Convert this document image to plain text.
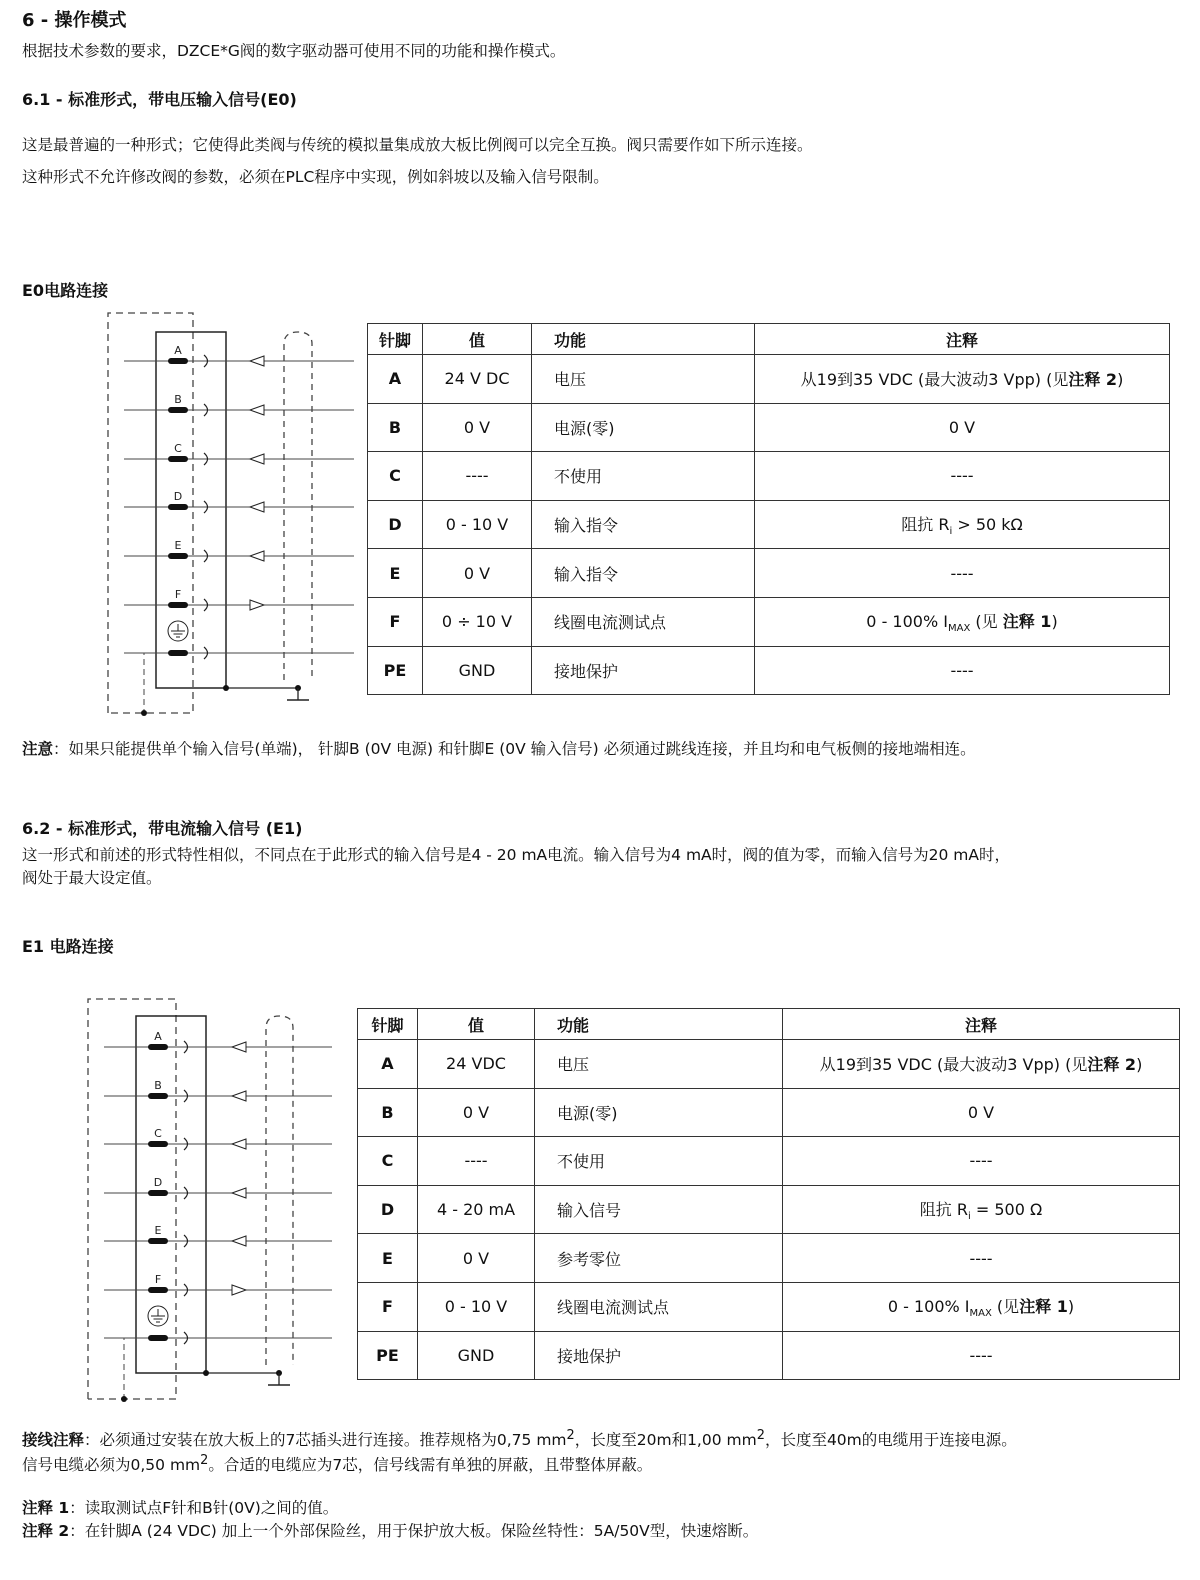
6 - 操作模式
根据技术参数的要求，DZCE*G阀的数字驱动器可使用不同的功能和操作模式。
6.1 - 标准形式，带电压输入信号(E0)
这是最普遍的一种形式；它使得此类阀与传统的模拟量集成放大板比例阀可以完全互换。阀只需要作如下所示连接。
这种形式不允许修改阀的参数，必须在PLC程序中实现，例如斜坡以及输入信号限制。
E0电路连接
A
B
C
D
E
F
针脚	值	功能	注释
A	24 V DC	电压	从19到35 VDC (最大波动3 Vpp) (见注释 2)
B	0 V	电源(零)	0 V
C	----	不使用	----
D	0 - 10 V	输入指令	阻抗 $R_i > 50$ kΩ
E	0 V	输入指令	----
F	0 ÷ 10 V	线圈电流测试点	0 - 100% $I_{MAX}$ (见 注释 1)
PE	GND	接地保护	----
注意：如果只能提供单个输入信号(单端)， 针脚B (0V 电源) 和针脚E (0V 输入信号) 必须通过跳线连接，并且均和电气板侧的接地端相连。
6.2 - 标准形式，带电流输入信号 (E1)
这一形式和前述的形式特性相似，不同点在于此形式的输入信号是4 - 20 mA电流。输入信号为4 mA时，阀的值为零，而输入信号为20 mA时，
阀处于最大设定值。
E1 电路连接
A
B
C
D
E
F
针脚	值	功能	注释
A	24 VDC	电压	从19到35 VDC (最大波动3 Vpp) (见注释 2)
B	0 V	电源(零)	0 V
C	----	不使用	----
D	4 - 20 mA	输入信号	阻抗 $R_i = 500$ Ω
E	0 V	参考零位	----
F	0 - 10 V	线圈电流测试点	0 - 100% $I_{MAX}$ (见注释 1)
PE	GND	接地保护	----
接线注释：必须通过安装在放大板上的7芯插头进行连接。推荐规格为0,75 $mm^2$，长度至20m和1,00 $mm^2$，长度至40m的电缆用于连接电源。
信号电缆必须为0,50 $mm^2$。合适的电缆应为7芯，信号线需有单独的屏蔽，且带整体屏蔽。
注释 1：读取测试点F针和B针(0V)之间的值。
注释 2：在针脚A (24 VDC) 加上一个外部保险丝，用于保护放大板。保险丝特性：5A/50V型，快速熔断。
